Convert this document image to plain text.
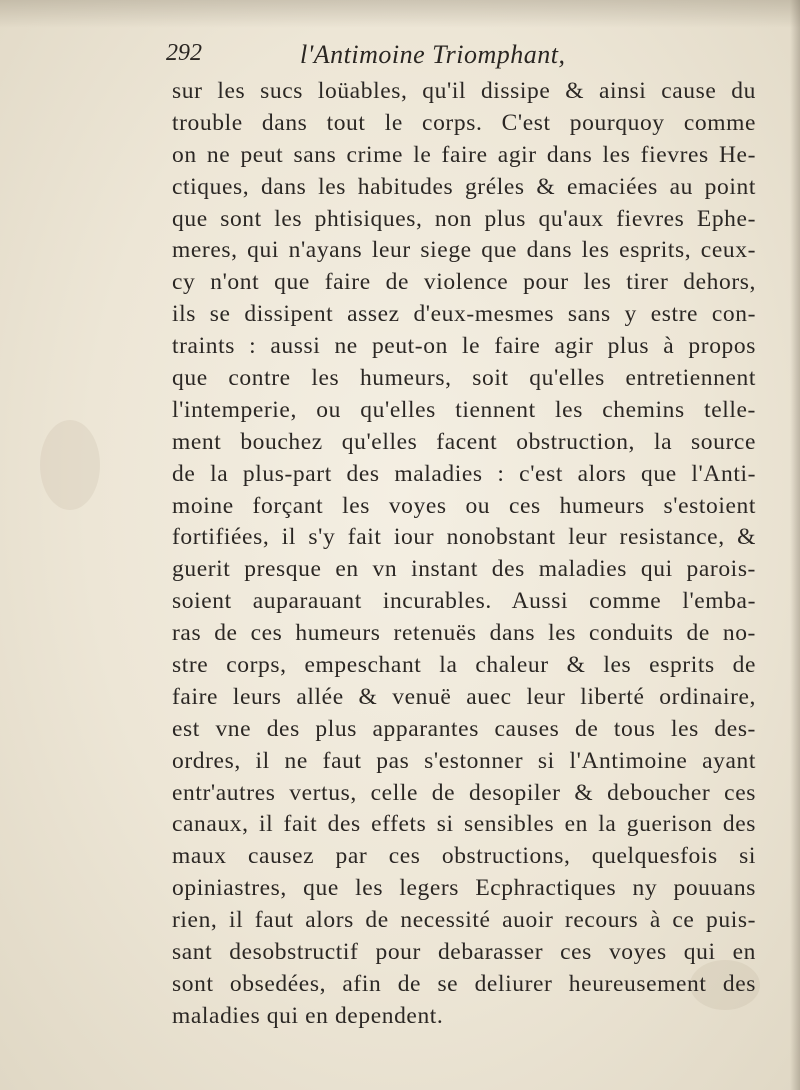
292	l'Antimoine Triomphant,
sur les sucs loüables, qu'il dissipe & ainsi cause du
trouble dans tout le corps. C'est pourquoy comme
on ne peut sans crime le faire agir dans les fievres He-
ctiques, dans les habitudes gréles & emaciées au point
que sont les phtisiques, non plus qu'aux fievres Ephe-
meres, qui n'ayans leur siege que dans les esprits, ceux-
cy n'ont que faire de violence pour les tirer dehors,
ils se dissipent assez d'eux-mesmes sans y estre con-
traints : aussi ne peut-on le faire agir plus à propos
que contre les humeurs, soit qu'elles entretiennent
l'intemperie, ou qu'elles tiennent les chemins telle-
ment bouchez qu'elles facent obstruction, la source
de la plus-part des maladies : c'est alors que l'Anti-
moine forçant les voyes ou ces humeurs s'estoient
fortifiées, il s'y fait iour nonobstant leur resistance, &
guerit presque en vn instant des maladies qui parois-
soient auparauant incurables. Aussi comme l'emba-
ras de ces humeurs retenuës dans les conduits de no-
stre corps, empeschant la chaleur & les esprits de
faire leurs allée & venuë auec leur liberté ordinaire,
est vne des plus apparantes causes de tous les des-
ordres, il ne faut pas s'estonner si l'Antimoine ayant
entr'autres vertus, celle de desopiler & deboucher ces
canaux, il fait des effets si sensibles en la guerison des
maux causez par ces obstructions, quelquesfois si
opiniastres, que les legers Ecphractiques ny pouuans
rien, il faut alors de necessité auoir recours à ce puis-
sant desobstructif pour debarasser ces voyes qui en
sont obsedées, afin de se deliurer heureusement des
maladies qui en dependent.
